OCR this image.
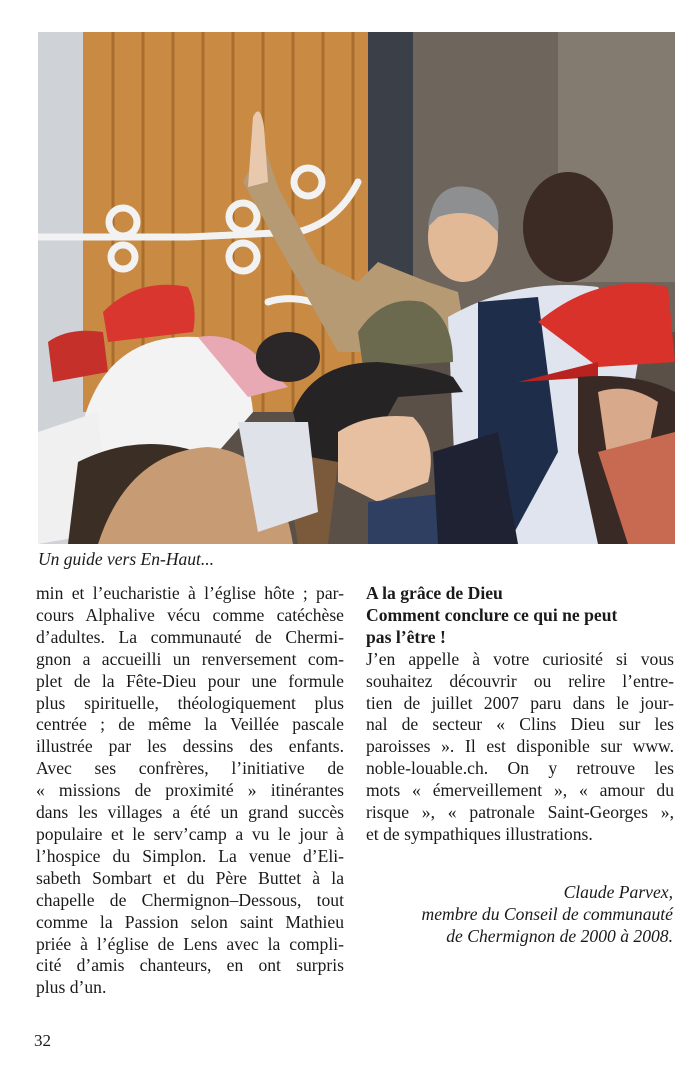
Un guide vers En-Haut...
min et l’eucharistie à l’église hôte ; par-
cours Alphalive vécu comme catéchèse
d’adultes. La communauté de Chermi-
gnon a accueilli un renversement com-
plet de la Fête-Dieu pour une formule
plus spirituelle, théologiquement plus
centrée ; de même la Veillée pascale
illustrée par les dessins des enfants.
Avec ses confrères, l’initiative de
« missions de proximité » itinérantes
dans les villages a été un grand succès
populaire et le serv’camp a vu le jour à
l’hospice du Simplon. La venue d’Eli-
sabeth Sombart et du Père Buttet à la
chapelle de Chermignon–Dessous, tout
comme la Passion selon saint Mathieu
priée à l’église de Lens avec la compli-
cité d’amis chanteurs, en ont surpris
plus d’un.
A la grâce de Dieu
Comment conclure ce qui ne peut
pas l’être !
J’en appelle à votre curiosité si vous
souhaitez découvrir ou relire l’entre-
tien de juillet 2007 paru dans le jour-
nal de secteur « Clins Dieu sur les
paroisses ». Il est disponible sur www.
noble-louable.ch. On y retrouve les
mots « émerveillement », « amour du
risque », « patronale Saint-Georges »,
et de sympathiques illustrations.
Claude Parvex,
membre du Conseil de communauté
de Chermignon de 2000 à 2008.
32
